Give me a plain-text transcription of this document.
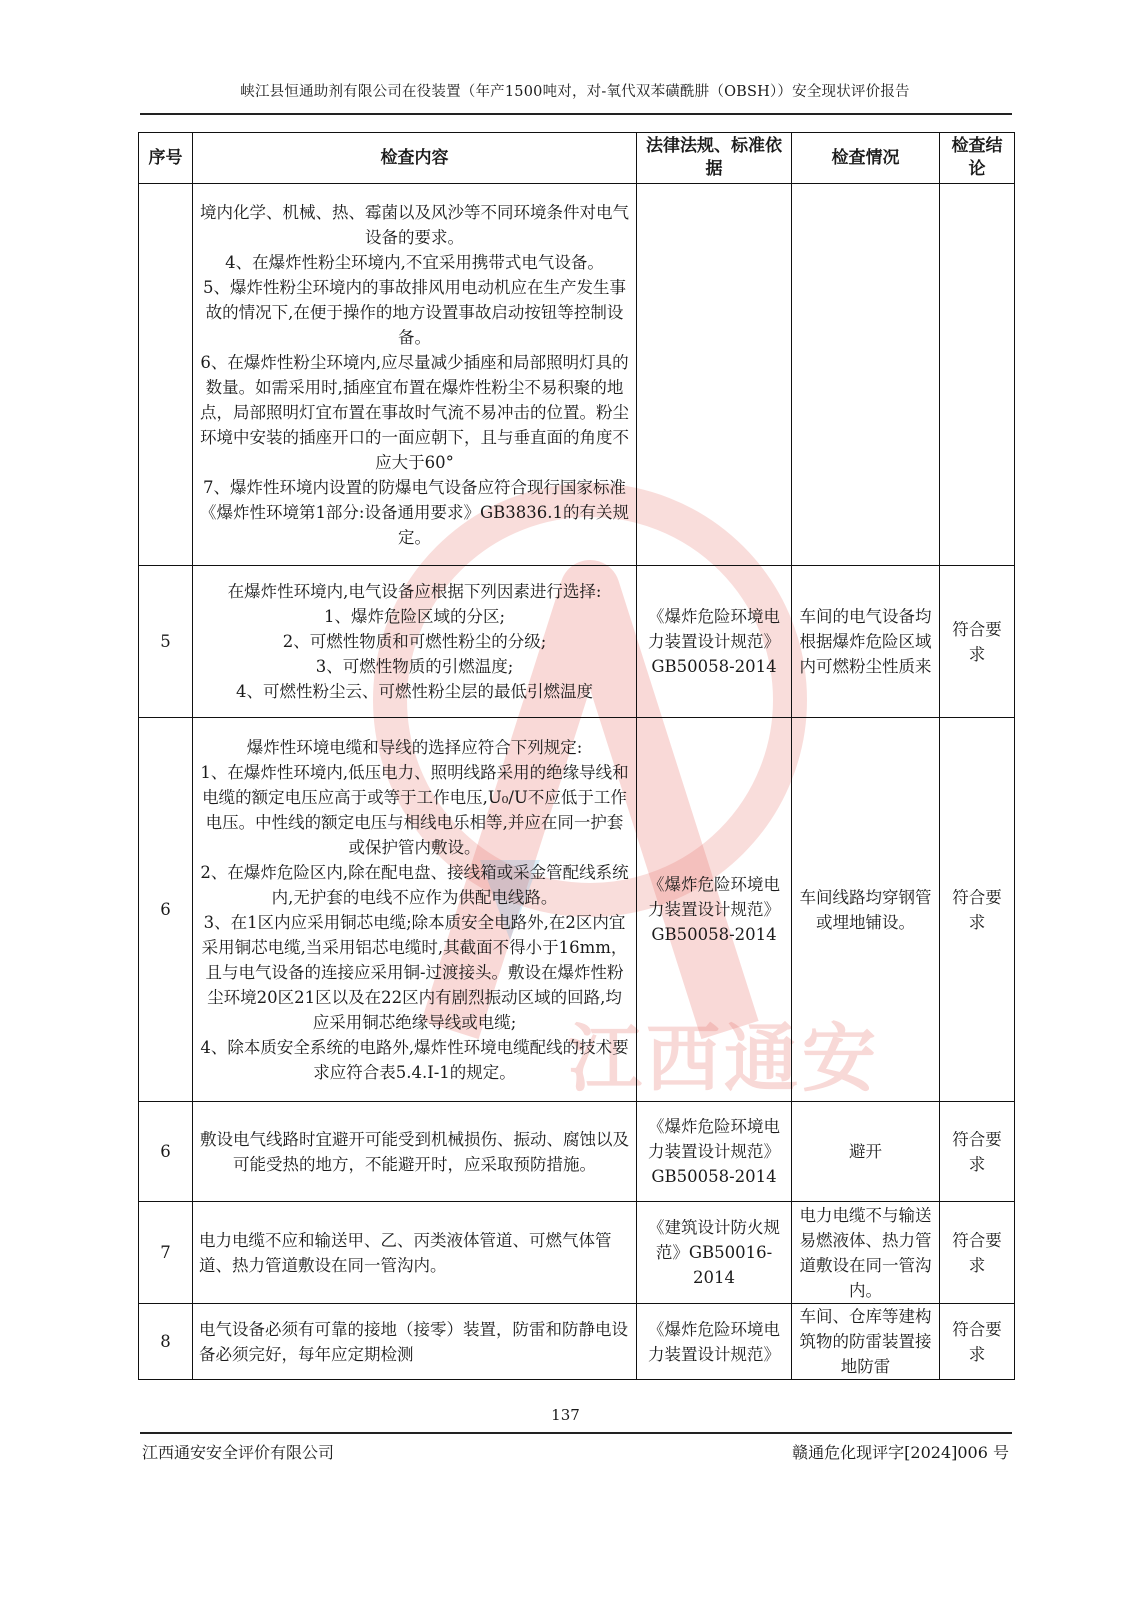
峡江县恒通助剂有限公司在役装置（年产1500吨对，对-氧代双苯磺酰肼（OBSH））安全现状评价报告
江西通安
序号	检查内容	法律法规、标准依据	检查情况	检查结论

	境内化学、机械、热、霉菌以及风沙等不同环境条件对电气设备的要求。
4、在爆炸性粉尘环境内,不宜采用携带式电气设备。
5、爆炸性粉尘环境内的事故排风用电动机应在生产发生事故的情况下,在便于操作的地方设置事故启动按钮等控制设备。
6、在爆炸性粉尘环境内,应尽量减少插座和局部照明灯具的数量。如需采用时,插座宜布置在爆炸性粉尘不易积聚的地点，局部照明灯宜布置在事故时气流不易冲击的位置。粉尘环境中安装的插座开口的一面应朝下，且与垂直面的角度不应大于60°
7、爆炸性环境内设置的防爆电气设备应符合现行国家标准《爆炸性环境第1部分:设备通用要求》GB3836.1的有关规定。			

5	在爆炸性环境内,电气设备应根据下列因素进行选择:
1、爆炸危险区域的分区;
2、可燃性物质和可燃性粉尘的分级;
3、可燃性物质的引燃温度;
4、可燃性粉尘云、可燃性粉尘层的最低引燃温度	《爆炸危险环境电力装置设计规范》GB50058-2014	车间的电气设备均根据爆炸危险区域内可燃粉尘性质来	符合要求
6	爆炸性环境电缆和导线的选择应符合下列规定:
1、在爆炸性环境内,低压电力、照明线路采用的绝缘导线和电缆的额定电压应高于或等于工作电压,U₀/U不应低于工作电压。中性线的额定电压与相线电乐相等,并应在同一护套或保护管内敷设。
2、在爆炸危险区内,除在配电盘、接线箱或采金管配线系统内,无护套的电线不应作为供配电线路。
3、在1区内应采用铜芯电缆;除本质安全电路外,在2区内宜采用铜芯电缆,当采用铝芯电缆时,其截面不得小于16mm，且与电气设备的连接应采用铜-过渡接头。敷设在爆炸性粉尘环境20区21区以及在22区内有剧烈振动区域的回路,均应采用铜芯绝缘导线或电缆;
4、除本质安全系统的电路外,爆炸性环境电缆配线的技术要求应符合表5.4.I-1的规定。	《爆炸危险环境电力装置设计规范》GB50058-2014	车间线路均穿钢管或埋地铺设。	符合要求
6	敷设电气线路时宜避开可能受到机械损伤、振动、腐蚀以及可能受热的地方，不能避开时，应采取预防措施。	《爆炸危险环境电力装置设计规范》GB50058-2014	避开	符合要求
7	电力电缆不应和输送甲、乙、丙类液体管道、可燃气体管道、热力管道敷设在同一管沟内。	《建筑设计防火规范》GB50016-2014	电力电缆不与输送易燃液体、热力管道敷设在同一管沟内。	符合要求
8	电气设备必须有可靠的接地（接零）装置，防雷和防静电设备必须完好，每年应定期检测	《爆炸危险环境电力装置设计规范》	车间、仓库等建构筑物的防雷装置接地防雷	符合要求
137
江西通安安全评价有限公司	赣通危化现评字[2024]006 号
